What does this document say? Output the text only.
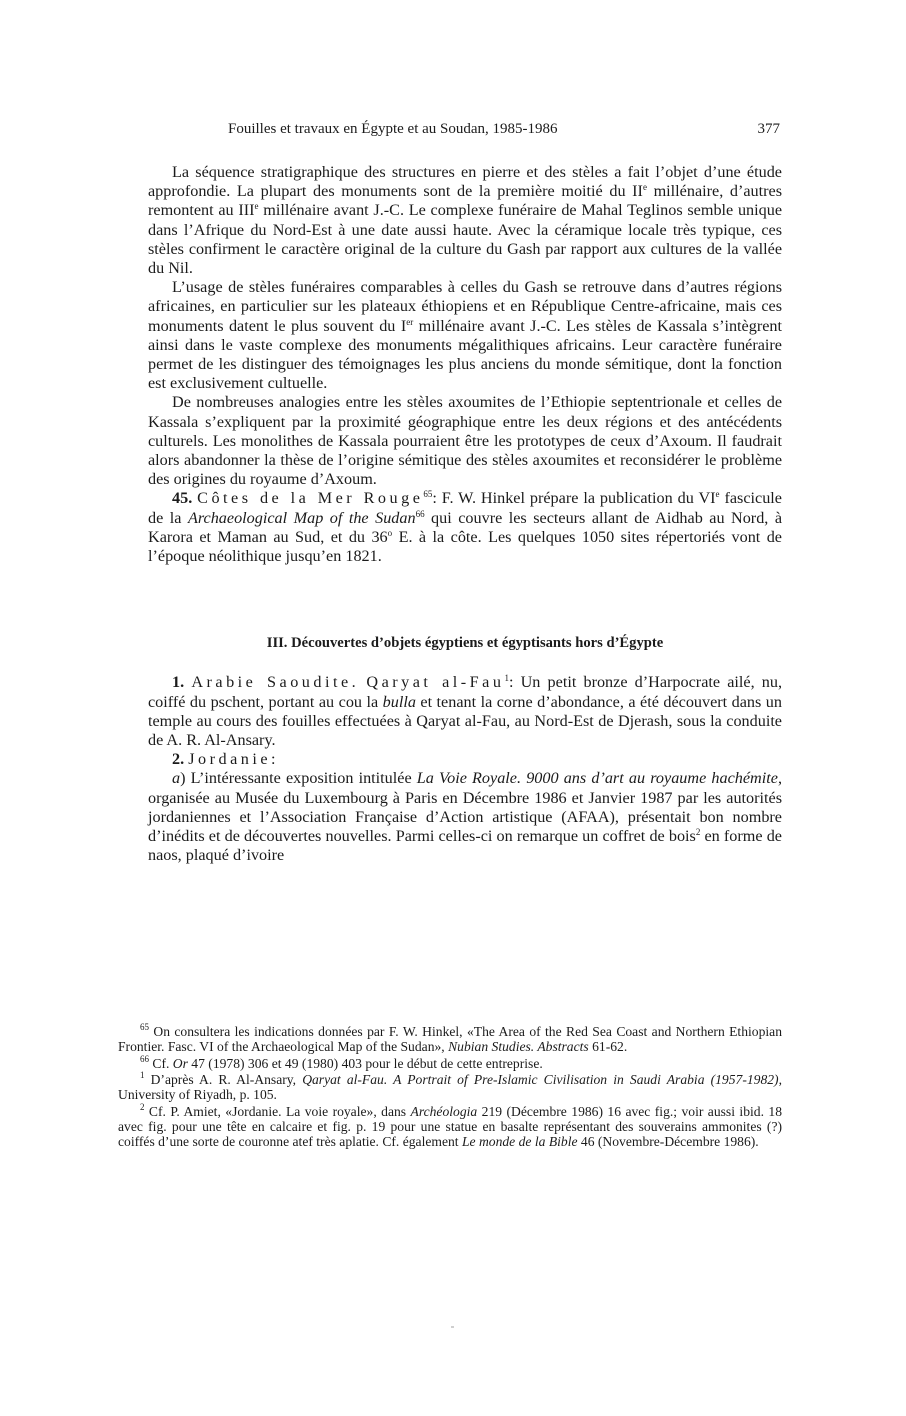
Fouilles et travaux en Égypte et au Soudan, 1985-1986	377

La séquence stratigraphique des structures en pierre et des stèles a fait l’objet d’une étude approfondie. La plupart des monuments sont de la première moitié du IIe millénaire, d’autres remontent au IIIe millénaire avant J.-C. Le complexe funéraire de Mahal Teglinos semble unique dans l’Afrique du Nord-Est à une date aussi haute. Avec la céramique locale très typique, ces stèles confirment le caractère original de la culture du Gash par rapport aux cultures de la vallée du Nil.

L’usage de stèles funéraires comparables à celles du Gash se retrouve dans d’autres régions africaines, en particulier sur les plateaux éthiopiens et en République Centre-africaine, mais ces monuments datent le plus souvent du Ier millénaire avant J.-C. Les stèles de Kassala s’intègrent ainsi dans le vaste complexe des monuments mégalithiques africains. Leur caractère funéraire permet de les distinguer des témoignages les plus anciens du monde sémitique, dont la fonction est exclusivement cultuelle.

De nombreuses analogies entre les stèles axoumites de l’Ethiopie septentrionale et celles de Kassala s’expliquent par la proximité géographique entre les deux régions et des antécédents culturels. Les monolithes de Kassala pourraient être les prototypes de ceux d’Axoum. Il faudrait alors abandonner la thèse de l’origine sémitique des stèles axoumites et reconsidérer le problème des origines du royaume d’Axoum.

45. Côtes de la Mer Rouge$^{65}$: F. W. Hinkel prépare la publication du VIe fascicule de la Archaeological Map of the Sudan$^{66}$ qui couvre les secteurs allant de Aidhab au Nord, à Karora et Maman au Sud, et du 36$^o$ E. à la côte. Les quelques 1050 sites répertoriés vont de l’époque néolithique jusqu’en 1821.

III. Découvertes d’objets égyptiens et égyptisants hors d’Égypte

1. Arabie Saoudite. Qaryat al-Fau$^1$: Un petit bronze d’Harpocrate ailé, nu, coiffé du pschent, portant au cou la bulla et tenant la corne d’abondance, a été découvert dans un temple au cours des fouilles effectuées à Qaryat al-Fau, au Nord-Est de Djerash, sous la conduite de A. R. Al-Ansary.

2. Jordanie:

a) L’intéressante exposition intitulée La Voie Royale. 9000 ans d’art au royaume hachémite, organisée au Musée du Luxembourg à Paris en Décembre 1986 et Janvier 1987 par les autorités jordaniennes et l’Association Française d’Action artistique (AFAA), présentait bon nombre d’inédits et de découvertes nouvelles. Parmi celles-ci on remarque un coffret de bois$^2$ en forme de naos, plaqué d’ivoire

$^{65}$ On consultera les indications données par F. W. Hinkel, «The Area of the Red Sea Coast and Northern Ethiopian Frontier. Fasc. VI of the Archaeological Map of the Sudan», Nubian Studies. Abstracts 61-62.

$^{66}$ Cf. Or 47 (1978) 306 et 49 (1980) 403 pour le début de cette entreprise.

$^1$ D’après A. R. Al-Ansary, Qaryat al-Fau. A Portrait of Pre-Islamic Civilisation in Saudi Arabia (1957-1982), University of Riyadh, p. 105.

$^2$ Cf. P. Amiet, «Jordanie. La voie royale», dans Archéologia 219 (Décembre 1986) 16 avec fig.; voir aussi ibid. 18 avec fig. pour une tête en calcaire et fig. p. 19 pour une statue en basalte représentant des souverains ammonites (?) coiffés d’une sorte de couronne atef très aplatie. Cf. également Le monde de la Bible 46 (Novembre-Décembre 1986).
